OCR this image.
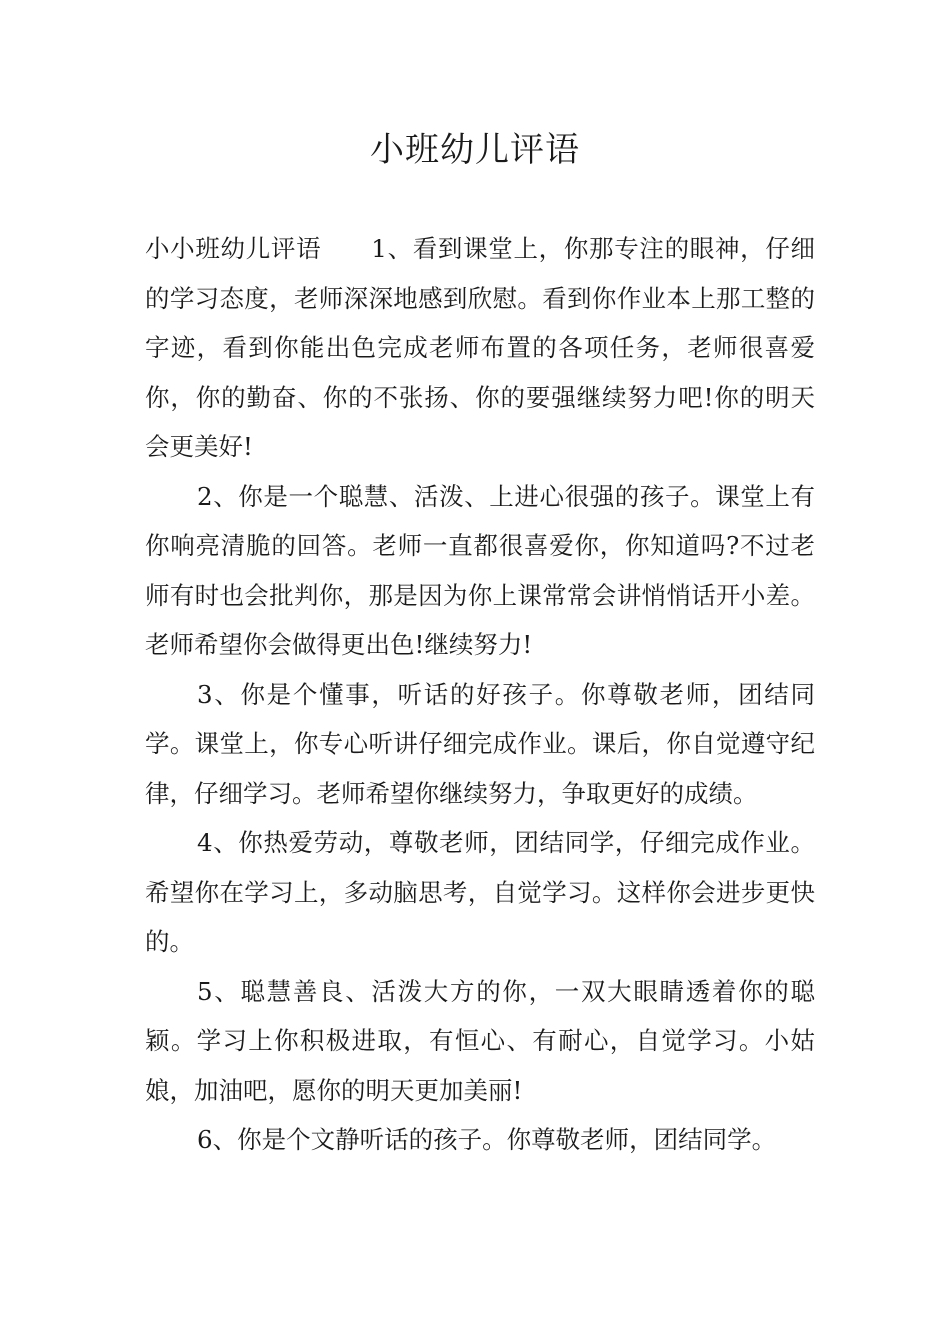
小班幼儿评语

小小班幼儿评语 1、看到课堂上，你那专注的眼神，仔细的学习态度，老师深深地感到欣慰。看到你作业本上那工整的字迹，看到你能出色完成老师布置的各项任务，老师很喜爱你，你的勤奋、你的不张扬、你的要强继续努力吧!你的明天会更美好!

2、你是一个聪慧、活泼、上进心很强的孩子。课堂上有你响亮清脆的回答。老师一直都很喜爱你，你知道吗?不过老师有时也会批判你，那是因为你上课常常会讲悄悄话开小差。老师希望你会做得更出色!继续努力!

3、你是个懂事，听话的好孩子。你尊敬老师，团结同学。课堂上，你专心听讲仔细完成作业。课后，你自觉遵守纪律，仔细学习。老师希望你继续努力，争取更好的成绩。

4、你热爱劳动，尊敬老师，团结同学，仔细完成作业。希望你在学习上，多动脑思考，自觉学习。这样你会进步更快的。

5、聪慧善良、活泼大方的你，一双大眼睛透着你的聪颖。学习上你积极进取，有恒心、有耐心，自觉学习。小姑娘，加油吧，愿你的明天更加美丽!

6、你是个文静听话的孩子。你尊敬老师，团结同学。
